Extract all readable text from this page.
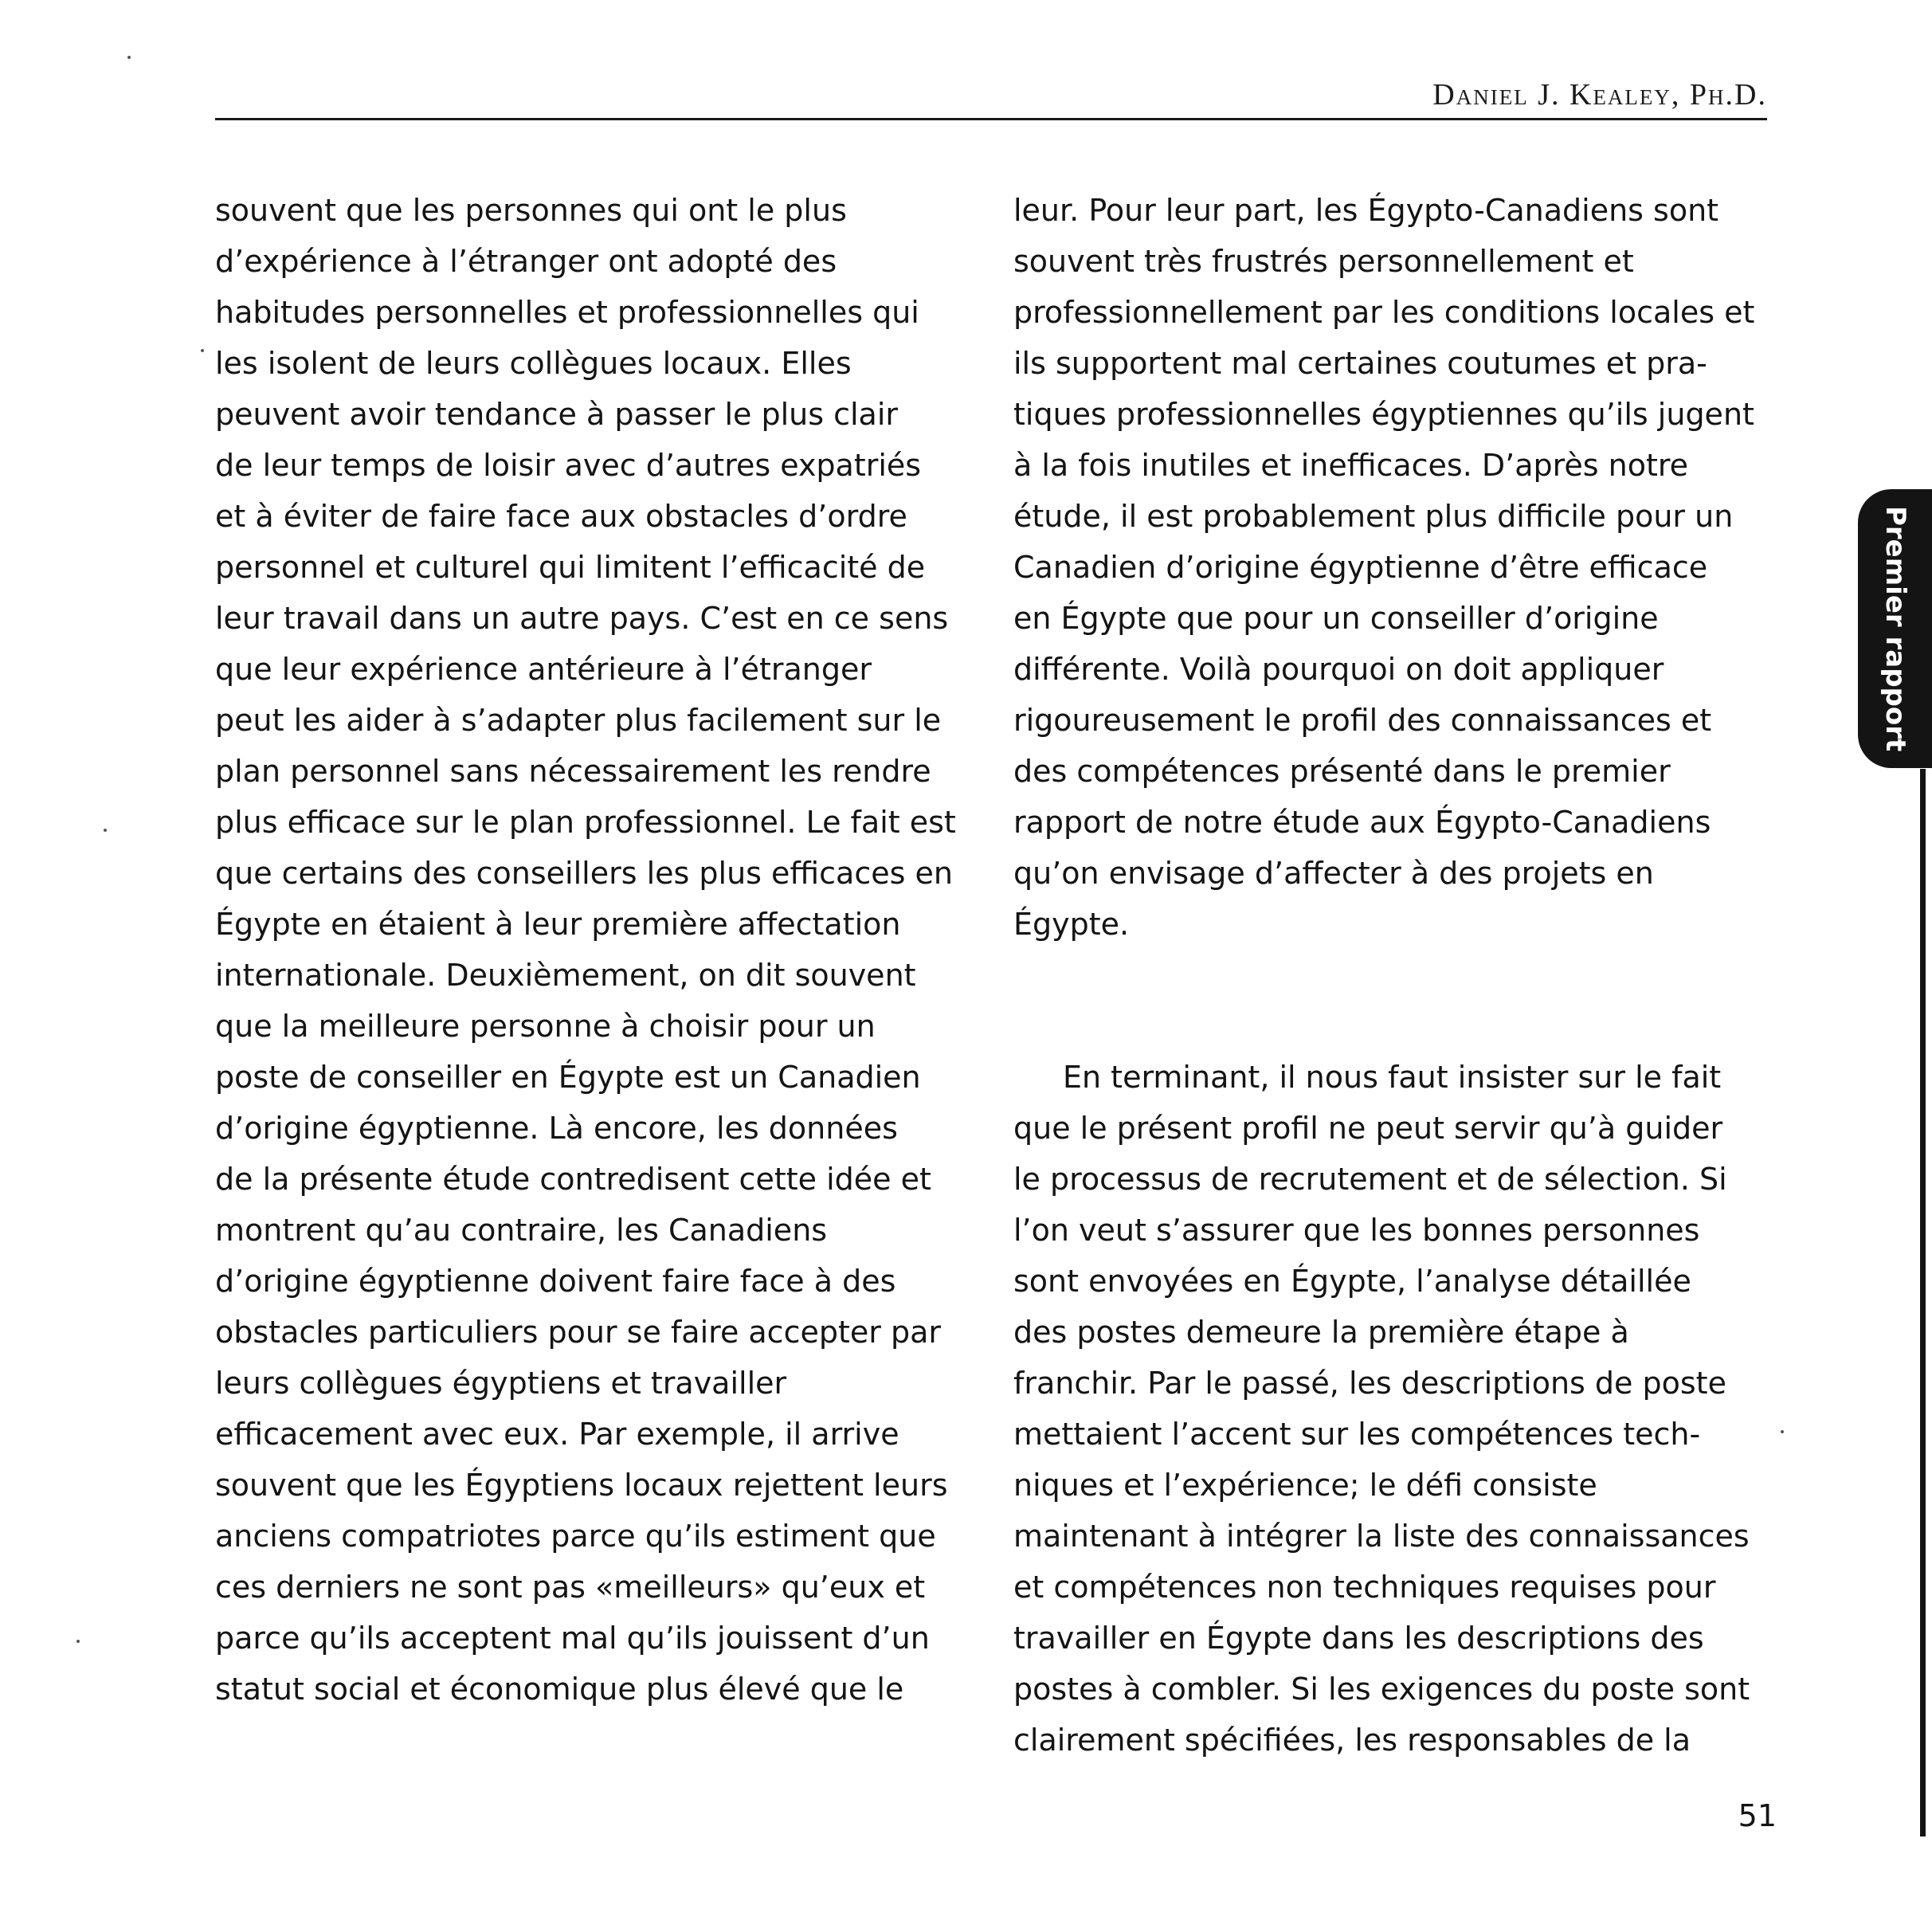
Daniel J. Kealey, Ph.D.
souvent que les personnes qui ont le plus
d’expérience à l’étranger ont adopté des
habitudes personnelles et professionnelles qui
les isolent de leurs collègues locaux. Elles
peuvent avoir tendance à passer le plus clair
de leur temps de loisir avec d’autres expatriés
et à éviter de faire face aux obstacles d’ordre
personnel et culturel qui limitent l’efficacité de
leur travail dans un autre pays. C’est en ce sens
que leur expérience antérieure à l’étranger
peut les aider à s’adapter plus facilement sur le
plan personnel sans nécessairement les rendre
plus efficace sur le plan professionnel. Le fait est
que certains des conseillers les plus efficaces en
Égypte en étaient à leur première affectation
internationale. Deuxièmement, on dit souvent
que la meilleure personne à choisir pour un
poste de conseiller en Égypte est un Canadien
d’origine égyptienne. Là encore, les données
de la présente étude contredisent cette idée et
montrent qu’au contraire, les Canadiens
d’origine égyptienne doivent faire face à des
obstacles particuliers pour se faire accepter par
leurs collègues égyptiens et travailler
efficacement avec eux. Par exemple, il arrive
souvent que les Égyptiens locaux rejettent leurs
anciens compatriotes parce qu’ils estiment que
ces derniers ne sont pas «meilleurs» qu’eux et
parce qu’ils acceptent mal qu’ils jouissent d’un
statut social et économique plus élevé que le
leur. Pour leur part, les Égypto-Canadiens sont
souvent très frustrés personnellement et
professionnellement par les conditions locales et
ils supportent mal certaines coutumes et pra-
tiques professionnelles égyptiennes qu’ils jugent
à la fois inutiles et inefficaces. D’après notre
étude, il est probablement plus difficile pour un
Canadien d’origine égyptienne d’être efficace
en Égypte que pour un conseiller d’origine
différente. Voilà pourquoi on doit appliquer
rigoureusement le profil des connaissances et
des compétences présenté dans le premier
rapport de notre étude aux Égypto-Canadiens
qu’on envisage d’affecter à des projets en
Égypte.
En terminant, il nous faut insister sur le fait
que le présent profil ne peut servir qu’à guider
le processus de recrutement et de sélection. Si
l’on veut s’assurer que les bonnes personnes
sont envoyées en Égypte, l’analyse détaillée
des postes demeure la première étape à
franchir. Par le passé, les descriptions de poste
mettaient l’accent sur les compétences tech-
niques et l’expérience; le défi consiste
maintenant à intégrer la liste des connaissances
et compétences non techniques requises pour
travailler en Égypte dans les descriptions des
postes à combler. Si les exigences du poste sont
clairement spécifiées, les responsables de la
Premier rapport
51
